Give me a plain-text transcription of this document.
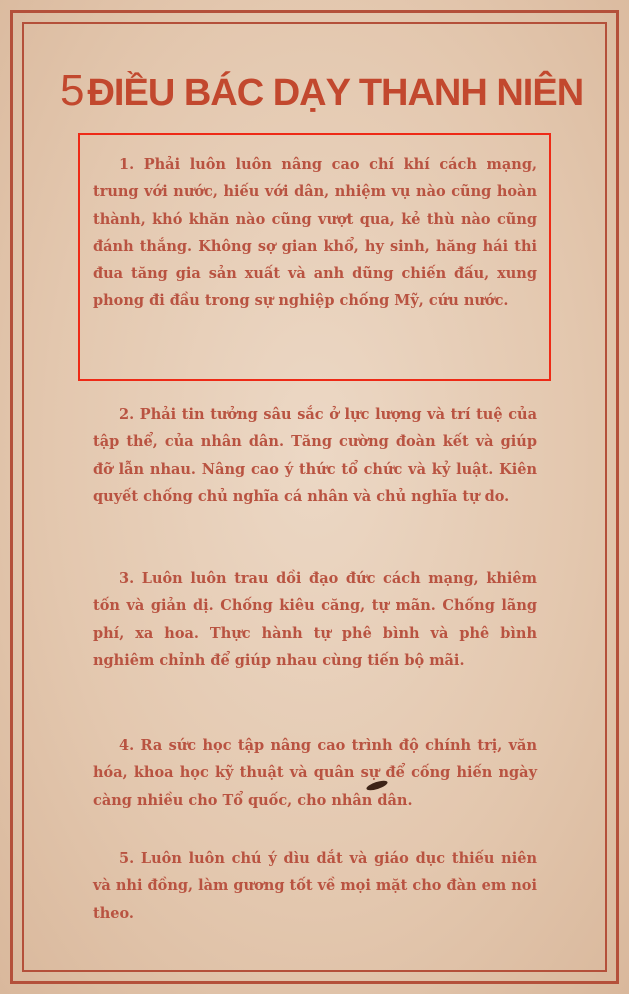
5 ĐIỀU BÁC DẠY THANH NIÊN
1. Phải luôn luôn nâng cao chí khí cách mạng, trung với nước, hiếu với dân, nhiệm vụ nào cũng hoàn thành, khó khăn nào cũng vượt qua, kẻ thù nào cũng đánh thắng. Không sợ gian khổ, hy sinh, hăng hái thi đua tăng gia sản xuất và anh dũng chiến đấu, xung phong đi đầu trong sự nghiệp chống Mỹ, cứu nước.
2. Phải tin tưởng sâu sắc ở lực lượng và trí tuệ của tập thể, của nhân dân. Tăng cường đoàn kết và giúp đỡ lẫn nhau. Nâng cao ý thức tổ chức và kỷ luật. Kiên quyết chống chủ nghĩa cá nhân và chủ nghĩa tự do.
3. Luôn luôn trau dồi đạo đức cách mạng, khiêm tốn và giản dị. Chống kiêu căng, tự mãn. Chống lãng phí, xa hoa. Thực hành tự phê bình và phê bình nghiêm chỉnh để giúp nhau cùng tiến bộ mãi.
4. Ra sức học tập nâng cao trình độ chính trị, văn hóa, khoa học kỹ thuật và quân sự để cống hiến ngày càng nhiều cho Tổ quốc, cho nhân dân.
5. Luôn luôn chú ý dìu dắt và giáo dục thiếu niên và nhi đồng, làm gương tốt về mọi mặt cho đàn em noi theo.
